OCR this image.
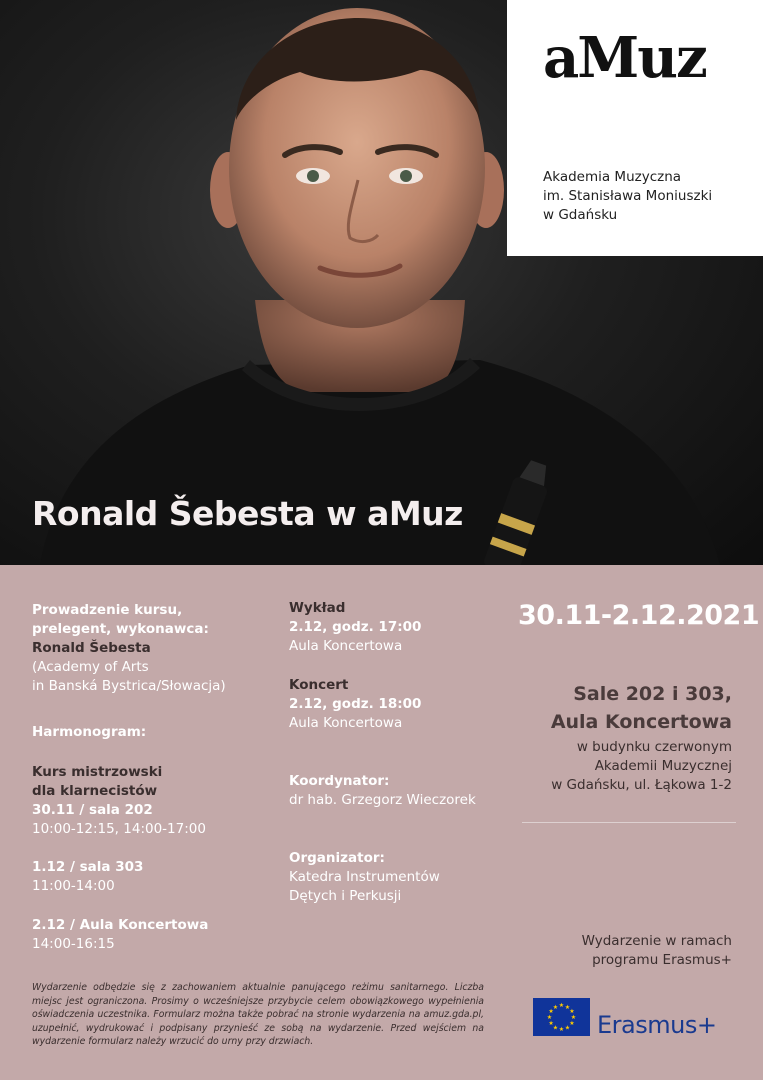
Ronald Šebesta w aMuz
aMuz
Akademia Muzyczna
im. Stanisława Moniuszki
w Gdańsku
Prowadzenie kursu,
prelegent, wykonawca:
Ronald Šebesta
(Academy of Arts
in Banská Bystrica/Słowacja)
Harmonogram:
Kurs mistrzowski
dla klarnecistów
30.11 / sala 202
10:00-12:15, 14:00-17:00
1.12 / sala 303
11:00-14:00
2.12 / Aula Koncertowa
14:00-16:15
Wykład
2.12, godz. 17:00
Aula Koncertowa
Koncert
2.12, godz. 18:00
Aula Koncertowa
Koordynator:
dr hab. Grzegorz Wieczorek
Organizator:
Katedra Instrumentów
Dętych i Perkusji
30.11-2.12.2021
Sale 202 i 303,
Aula Koncertowa
w budynku czerwonym
Akademii Muzycznej
w Gdańsku, ul. Łąkowa 1-2
Wydarzenie w ramach
programu Erasmus+
Wydarzenie odbędzie się z zachowaniem aktualnie panującego reżimu sanitarnego. Liczba miejsc jest ograniczona. Prosimy o wcześniejsze przybycie celem obowiązkowego wypełnienia oświadczenia uczestnika. Formularz można także pobrać na stronie wydarzenia na amuz.gda.pl, uzupełnić, wydrukować i podpisany przynieść ze sobą na wydarzenie. Przed wejściem na wydarzenie formularz należy wrzucić do urny przy drzwiach.
★
★
★
★
★
★
★
★
★ ★ ★
★ Erasmus+
